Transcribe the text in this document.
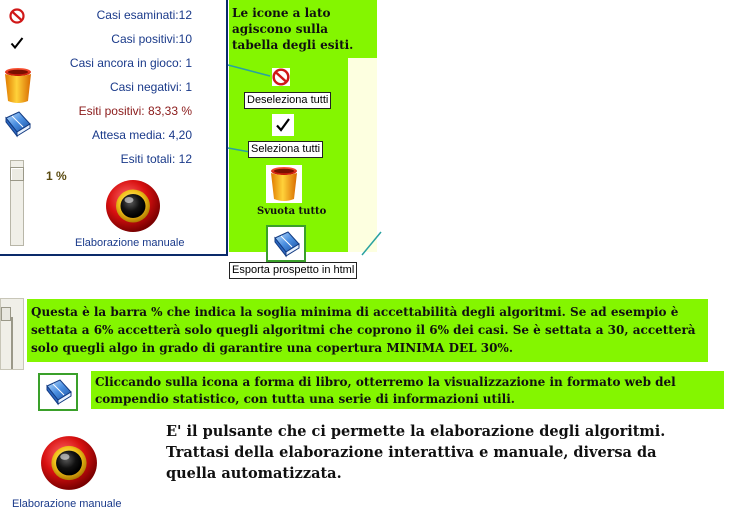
Casi esaminati:12
Casi positivi:10
Casi ancora in gioco: 1
Casi negativi: 1
Esiti positivi: 83,33 %
Attesa media: 4,20
Esiti totali: 12
1 %
Elaborazione manuale
Le icone a lato agiscono sulla tabella degli esiti.
Deseleziona tutti
Seleziona tutti
Svuota tutto
Esporta prospetto in html
Questa è la barra % che indica la soglia minima di accettabilità degli algoritmi. Se ad esempio è settata a 6% accetterà solo quegli algoritmi che coprono il 6% dei casi. Se è settata a 30, accetterà solo quegli algo in grado di garantire una copertura MINIMA DEL 30%.
Cliccando sulla icona a forma di libro, otterremo la visualizzazione in formato web del compendio statistico, con tutta una serie di informazioni utili.
Elaborazione manuale
E' il pulsante che ci permette la elaborazione degli algoritmi. Trattasi della elaborazione interattiva e manuale, diversa da quella automatizzata.
